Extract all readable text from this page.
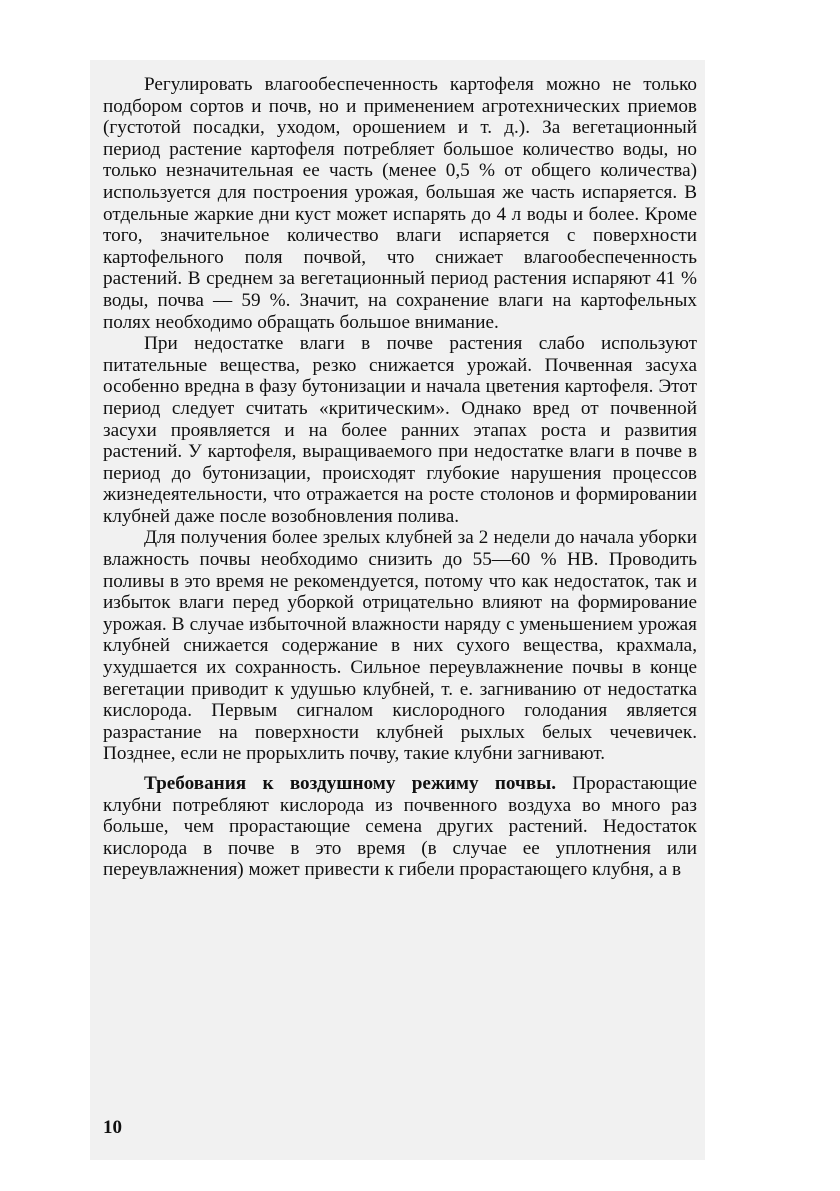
Регулировать влагообеспеченность картофеля можно не только подбором сортов и почв, но и применением агротехнических приемов (густотой посадки, уходом, орошением и т. д.). За вегетационный период растение картофеля потребляет большое количество воды, но только незначительная ее часть (менее 0,5 % от общего количества) используется для построения урожая, большая же часть испаряется. В отдельные жаркие дни куст может испарять до 4 л воды и более. Кроме того, значительное количество влаги испаряется с поверхности картофельного поля почвой, что снижает влагообеспеченность растений. В среднем за вегетационный период растения испаряют 41 % воды, почва — 59 %. Значит, на сохранение влаги на картофельных полях необходимо обращать большое внимание.

При недостатке влаги в почве растения слабо используют питательные вещества, резко снижается урожай. Почвенная засуха особенно вредна в фазу бутонизации и начала цветения картофеля. Этот период следует считать «критическим». Однако вред от почвенной засухи проявляется и на более ранних этапах роста и развития растений. У картофеля, выращиваемого при недостатке влаги в почве в период до бутонизации, происходят глубокие нарушения процессов жизнедеятельности, что отражается на росте столонов и формировании клубней даже после возобновления полива.

Для получения более зрелых клубней за 2 недели до начала уборки влажность почвы необходимо снизить до 55—60 % НВ. Проводить поливы в это время не рекомендуется, потому что как недостаток, так и избыток влаги перед уборкой отрицательно влияют на формирование урожая. В случае избыточной влажности наряду с уменьшением урожая клубней снижается содержание в них сухого вещества, крахмала, ухудшается их сохранность. Сильное переувлажнение почвы в конце вегетации приводит к удушью клубней, т. е. загниванию от недостатка кислорода. Первым сигналом кислородного голодания является разрастание на поверхности клубней рыхлых белых чечевичек. Позднее, если не прорыхлить почву, такие клубни загнивают.

Требования к воздушному режиму почвы. Прорастающие клубни потребляют кислорода из почвенного воздуха во много раз больше, чем прорастающие семена других растений. Недостаток кислорода в почве в это время (в случае ее уплотнения или переувлажнения) может привести к гибели прорастающего клубня, а в

10
